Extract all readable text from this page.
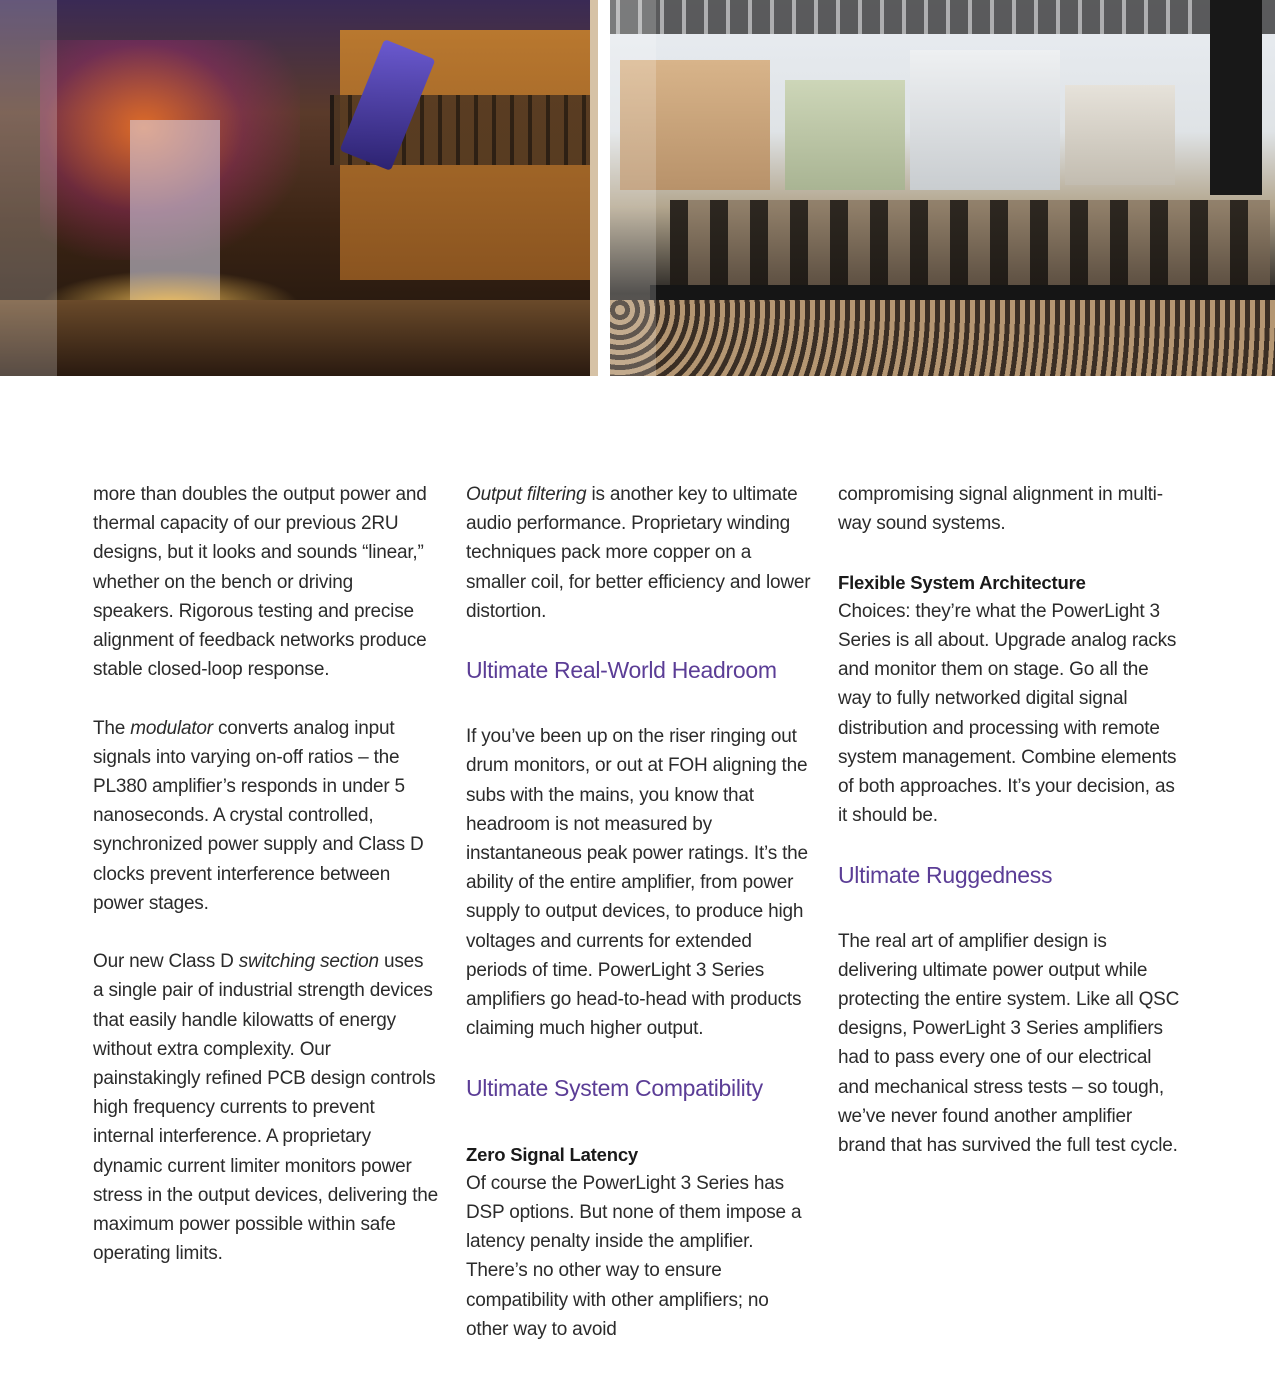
more than doubles the output power and thermal capacity of our previous 2RU designs, but it looks and sounds “linear,” whether on the bench or driving speakers. Rigorous testing and precise alignment of feedback networks produce stable closed-loop response.

The modulator converts analog input signals into varying on-off ratios – the PL380 amplifier’s responds in under 5 nanoseconds. A crystal controlled, synchronized power supply and Class D clocks prevent interference between power stages.

Our new Class D switching section uses a single pair of industrial strength devices that easily handle kilowatts of energy without extra complexity. Our painstakingly refined PCB design controls high frequency currents to prevent internal interference. A proprietary dynamic current limiter monitors power stress in the output devices, delivering the maximum power possible within safe operating limits.

Output filtering is another key to ultimate audio performance. Proprietary winding techniques pack more copper on a smaller coil, for better efficiency and lower distortion.

Ultimate Real-World Headroom

If you’ve been up on the riser ringing out drum monitors, or out at FOH aligning the subs with the mains, you know that headroom is not measured by instantaneous peak power ratings. It’s the ability of the entire amplifier, from power supply to output devices, to produce high voltages and currents for extended periods of time. PowerLight 3 Series amplifiers go head-to-head with products claiming much higher output.

Ultimate System Compatibility
Zero Signal Latency

Of course the PowerLight 3 Series has DSP options. But none of them impose a latency penalty inside the amplifier. There’s no other way to ensure compatibility with other amplifiers; no other way to avoid

compromising signal alignment in multi-way sound systems.

Flexible System Architecture

Choices: they’re what the PowerLight 3 Series is all about. Upgrade analog racks and monitor them on stage. Go all the way to fully networked digital signal distribution and processing with remote system management. Combine elements of both approaches. It’s your decision, as it should be.

Ultimate Ruggedness

The real art of amplifier design is delivering ultimate power output while protecting the entire system. Like all QSC designs, PowerLight 3 Series amplifiers had to pass every one of our electrical and mechanical stress tests – so tough, we’ve never found another amplifier brand that has survived the full test cycle.
